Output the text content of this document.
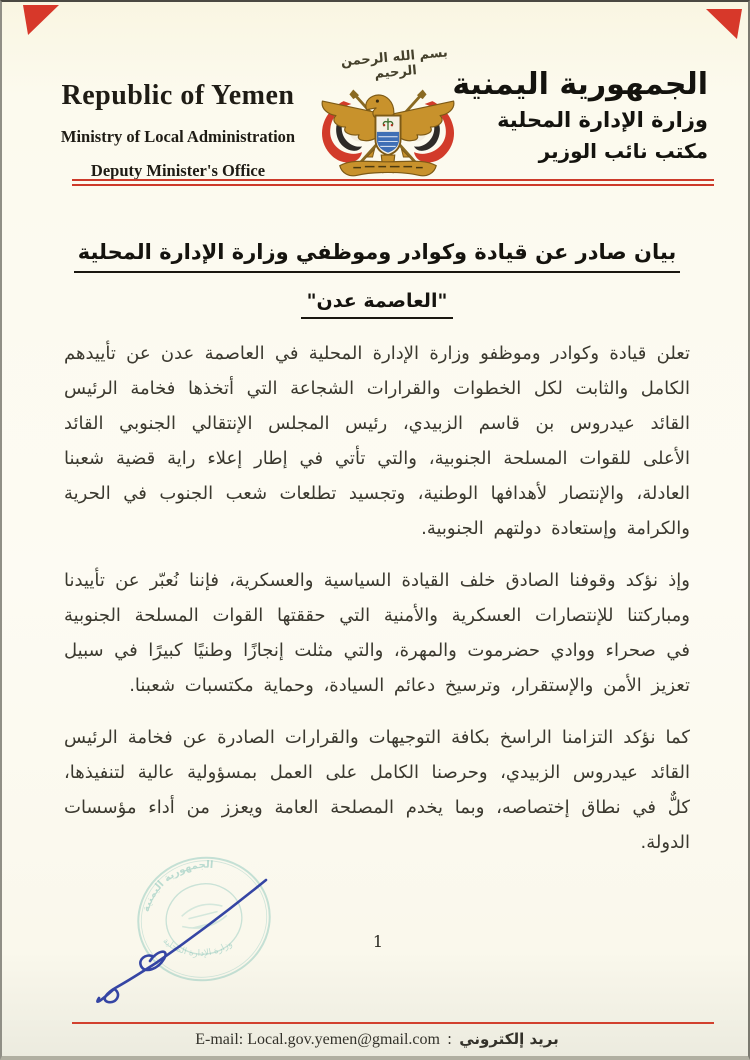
Republic of Yemen
Ministry of Local Administration
Deputy Minister's Office
بسم الله الرحمن الرحيم	الجمهورية اليمنية
وزارة الإدارة المحلية
مكتب نائب الوزير
بيان صادر عن قيادة وكوادر وموظفي وزارة الإدارة المحلية
"العاصمة عدن"

تعلن قيادة وكوادر وموظفو وزارة الإدارة المحلية في العاصمة عدن عن تأييدهم الكامل والثابت لكل الخطوات والقرارات الشجاعة التي أتخذها فخامة الرئيس القائد عيدروس بن قاسم الزبيدي، رئيس المجلس الإنتقالي الجنوبي القائد الأعلى للقوات المسلحة الجنوبية، والتي تأتي في إطار إعلاء راية قضية شعبنا العادلة، والإنتصار لأهدافها الوطنية، وتجسيد تطلعات شعب الجنوب في الحرية والكرامة وإستعادة دولتهم الجنوبية.

وإذ نؤكد وقوفنا الصادق خلف القيادة السياسية والعسكرية، فإننا نُعبّر عن تأييدنا ومباركتنا للإنتصارات العسكرية والأمنية التي حققتها القوات المسلحة الجنوبية في صحراء ووادي حضرموت والمهرة، والتي مثلت إنجازًا وطنيًا كبيرًا في سبيل تعزيز الأمن والإستقرار، وترسيخ دعائم السيادة، وحماية مكتسبات شعبنا.

كما نؤكد التزامنا الراسخ بكافة التوجيهات والقرارات الصادرة عن فخامة الرئيس القائد عيدروس الزبيدي، وحرصنا الكامل على العمل بمسؤولية عالية لتنفيذها، كلٌّ في نطاق إختصاصه، وبما يخدم المصلحة العامة ويعزز من أداء مؤسسات الدولة.

الجمهورية اليمنية
وزارة الإدارة المحلية	1
E-mail: Local.gov.yemen@gmail.com : بريد إلكتروني
